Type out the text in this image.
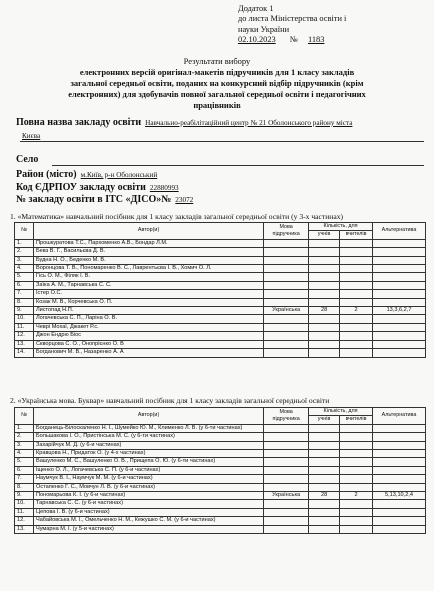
Додаток 1
до листа Міністерства освіти і
науки України
02.10.2023 № 1183
Результати вибору
електронних версій оригінал-макетів підручників для 1 класу закладів
загальної середньої освіти, поданих на конкурсний відбір підручників (крім
електронних) для здобувачів повної загальної середньої освіти і педагогічних
працівників
Повна назва закладу освіти Навчально-реабілітаційний центр № 21 Оболонського району міста
Києва
Село
Район (місто) м.Київ, р-н Оболонський
Код ЄДРПОУ закладу освіти 22880993
№ закладу освіти в ІТС «ДІСО»№ 23072
1. «Математика» навчальний посібник для 1 класу закладів загальної середньої освіти (у 3-х частинах)
№	Автор(и)	Мова підручника	Кількість, для		Альтернатива
			учнів	вчителів	
1.	Прошкуратова Т.С., Пархоменко А.В., Бондар Л.М.				
2.	Бевз В. Г., Васильєва Д. В.				
3.	Будна Н. О., Беденко М. В.				
4.	Воронцова Т. В., Пономаренко В. С., Лаврентьєва І. В., Хомич О. Л.				
5.	Гісь О. М., Філяк І. В.				
6.	Заїка А. М., Тарнавська С. С.				
7.	Істер О.С.				
8.	Козак М. В., Корчевська О. П.				
9.	Листопад Н.П.	Українська	28	2	13,3,6,2,7
10.	Логачевська С. П., Ларіна О. В.				
11.	Чеврі Мохаї, Джакет Р.с.				
12.	Джон Ендрю Біос				
13.	Скворцова С. О., Онопрієнко О. В				
14.	Богданович М. В., Назаренко А. А				
2. «Українська мова. Буквар» навчальний посібник для 1 класу закладів загальної середньої освіти
№	Автор(и)	Мова підручника	Кількість, для		Альтернатива
			учнів	вчителів	
1.	Богданець-Білоскаленко Н. І., Шумейко Ю. М., Клименко Л. В. (у 6-ти частинах)				
2.	Большакова І. О., Пристінська М. С. (у 6-ти частинах)				
3.	Захарійчук М. Д. (у 6-и частинах)				
4.	Кравцова Н., Придаток О. (у 4-х частинах)				
5.	Вашуленко М. С., Вашуленко О. В., Прищепа О. Ю. (у 6-ти частинах)				
6.	Іщенко О. Л., Логачевська С. П. (у 6-и частинах)				
7.	Наумчук В. І., Наумчук М. М. (у 6-и частинах)				
8.	Остапенко Г. С., Мовчун Л. В. (у 6-и частинах)				
9.	Пономарьова К. І. (у 6-и частинах)	Українська	28	2	5,13,10,2,4
10.	Тарнавська С. С. (у 6-и частинах)				
11.	Цепова І. В. (у 6-и частинах)				
12.	Чабайовська М. І., Омельченко Н. М., Кежушко С. М. (у 6-и частинах)				
13.	Чумарна М. І. (у 5-и частинах)				
